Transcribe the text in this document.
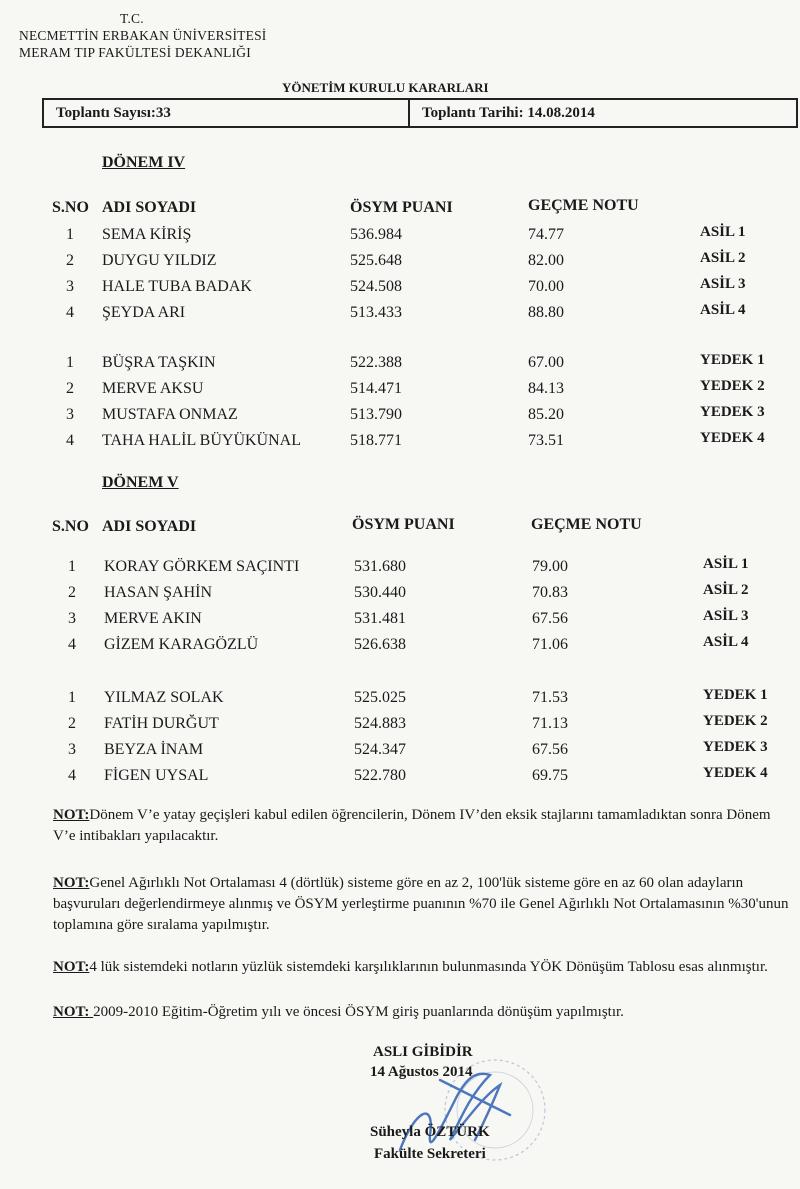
T.C.
NECMETTİN ERBAKAN ÜNİVERSİTESİ
MERAM TIP FAKÜLTESİ DEKANLIĞI
YÖNETİM KURULU KARARLARI
Toplantı Sayısı:33	Toplantı Tarihi: 14.08.2014
DÖNEM IV
S.NO ADI SOYADI	ÖSYM PUANI	GEÇME NOTU
1 SEMA KİRİŞ	536.984	74.77	ASİL 1
2 DUYGU YILDIZ	525.648	82.00	ASİL 2
3 HALE TUBA BADAK	524.508	70.00	ASİL 3
4 ŞEYDA ARI	513.433	88.80	ASİL 4
1 BÜŞRA TAŞKIN	522.388	67.00	YEDEK 1
2 MERVE AKSU	514.471	84.13	YEDEK 2
3 MUSTAFA ONMAZ	513.790	85.20	YEDEK 3
4 TAHA HALİL BÜYÜKÜNAL	518.771	73.51	YEDEK 4
DÖNEM V
S.NO ADI SOYADI	ÖSYM PUANI	GEÇME NOTU
1 KORAY GÖRKEM SAÇINTI	531.680	79.00	ASİL 1
2 HASAN ŞAHİN	530.440	70.83	ASİL 2
3 MERVE AKIN	531.481	67.56	ASİL 3
4 GİZEM KARAGÖZLÜ	526.638	71.06	ASİL 4
1 YILMAZ SOLAK	525.025	71.53	YEDEK 1
2 FATİH DURĞUT	524.883	71.13	YEDEK 2
3 BEYZA İNAM	524.347	67.56	YEDEK 3
4 FİGEN UYSAL	522.780	69.75	YEDEK 4
NOT:Dönem V’e yatay geçişleri kabul edilen öğrencilerin, Dönem IV’den eksik stajlarını tamamladıktan sonra Dönem V’e intibakları yapılacaktır.
NOT:Genel Ağırlıklı Not Ortalaması 4 (dörtlük) sisteme göre en az 2, 100'lük sisteme göre en az 60 olan adayların başvuruları değerlendirmeye alınmış ve ÖSYM yerleştirme puanının %70 ile Genel Ağırlıklı Not Ortalamasının %30'unun toplamına göre sıralama yapılmıştır.
NOT:4 lük sistemdeki notların yüzlük sistemdeki karşılıklarının bulunmasında YÖK Dönüşüm Tablosu esas alınmıştır.
NOT: 2009-2010 Eğitim-Öğretim yılı ve öncesi ÖSYM giriş puanlarında dönüşüm yapılmıştır.
ASLI GİBİDİR
14 Ağustos 2014
Süheyla ÖZTÜRK
Fakülte Sekreteri
